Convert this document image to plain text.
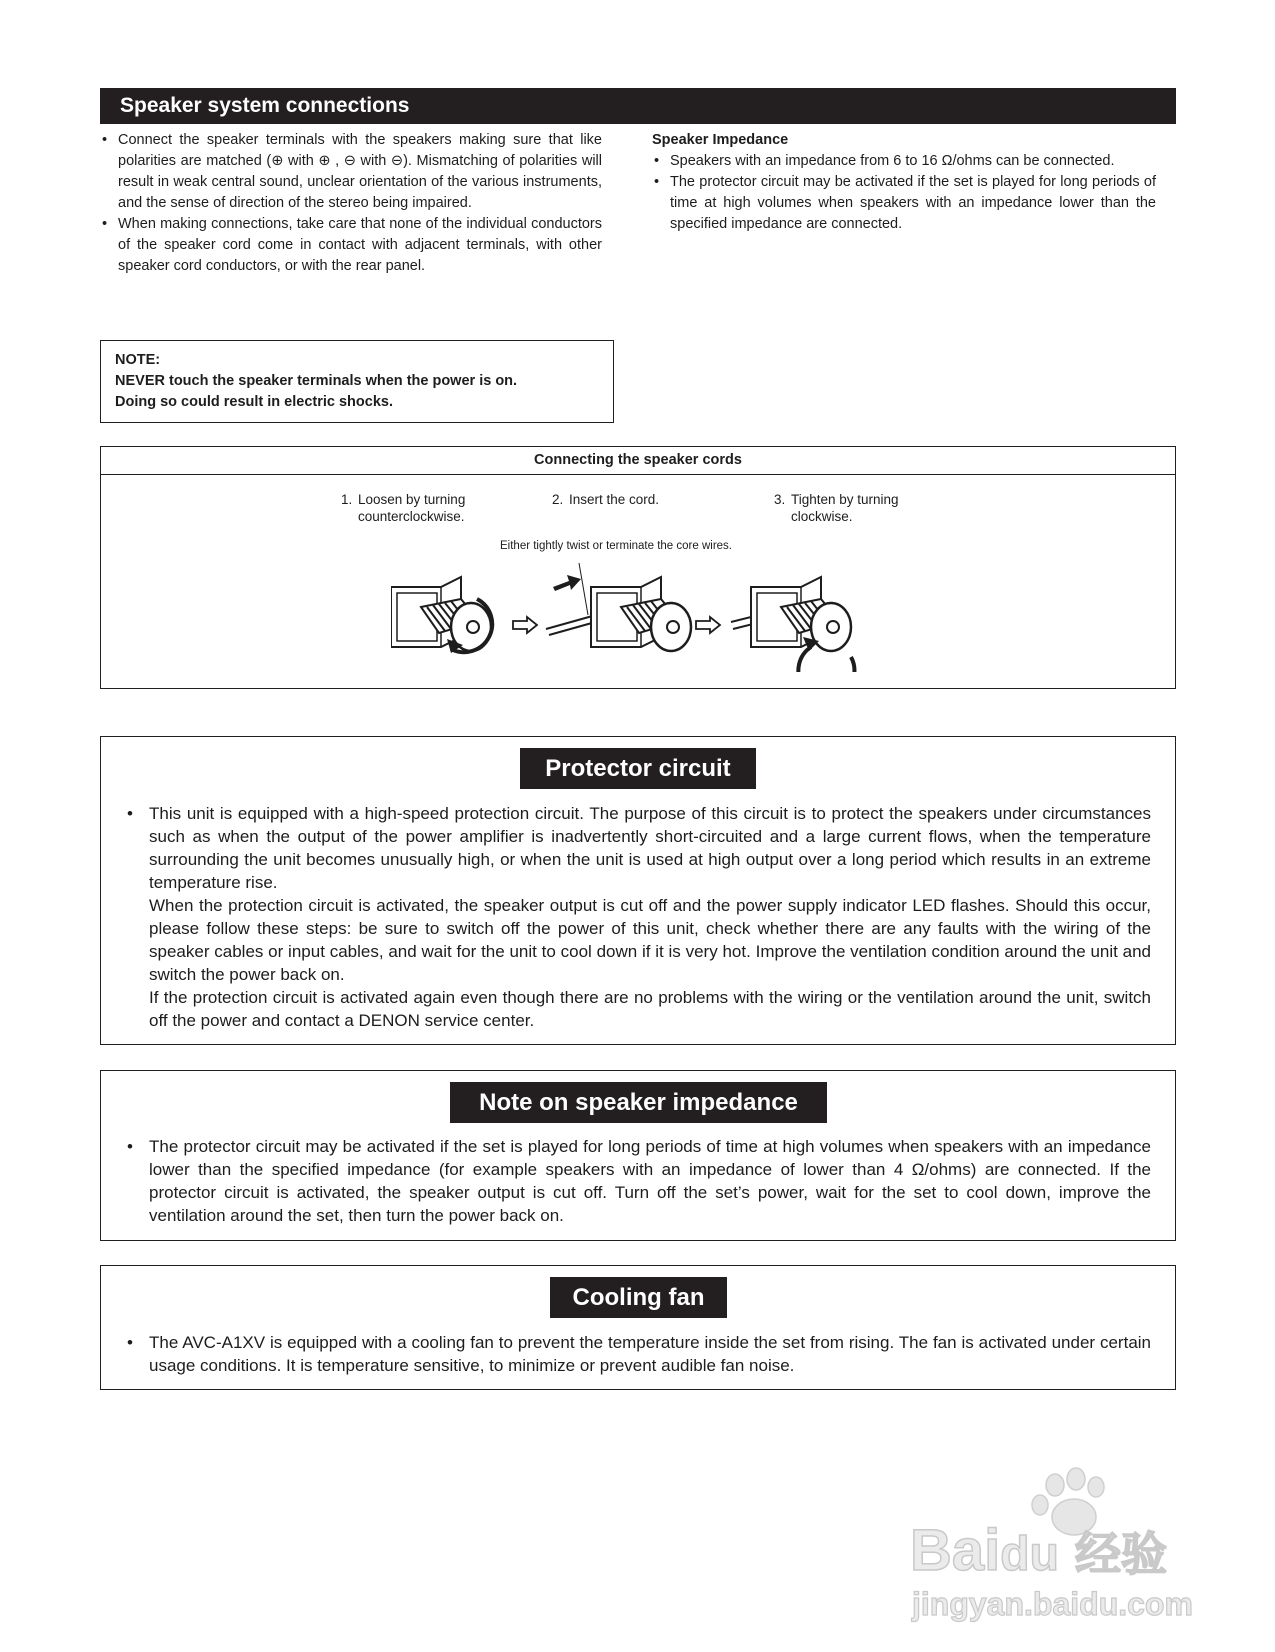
Speaker system connections
• Connect the speaker terminals with the speakers making sure that like polarities are matched (⊕ with ⊕ , ⊖ with ⊖). Mismatching of polarities will result in weak central sound, unclear orientation of the various instruments, and the sense of direction of the stereo being impaired.
• When making connections, take care that none of the individual conductors of the speaker cord come in contact with adjacent terminals, with other speaker cord conductors, or with the rear panel.

Speaker Impedance

• Speakers with an impedance from 6 to 16 Ω/ohms can be connected.
• The protector circuit may be activated if the set is played for long periods of time at high volumes when speakers with an impedance lower than the specified impedance are connected.
NOTE:
NEVER touch the speaker terminals when the power is on.
Doing so could result in electric shocks.
Connecting the speaker cords
1. Loosen by turning
counterclockwise.
2. Insert the cord.	3. Tighten by turning
clockwise.
Either tightly twist or terminate the core wires.
Protector circuit

• This unit is equipped with a high-speed protection circuit. The purpose of this circuit is to protect the speakers under circumstances such as when the output of the power amplifier is inadvertently short-circuited and a large current flows, when the temperature surrounding the unit becomes unusually high, or when the unit is used at high output over a long period which results in an extreme temperature rise.

When the protection circuit is activated, the speaker output is cut off and the power supply indicator LED flashes. Should this occur, please follow these steps: be sure to switch off the power of this unit, check whether there are any faults with the wiring of the speaker cables or input cables, and wait for the unit to cool down if it is very hot. Improve the ventilation condition around the unit and switch the power back on.

If the protection circuit is activated again even though there are no problems with the wiring or the ventilation around the unit, switch off the power and contact a DENON service center.

Note on speaker impedance
• The protector circuit may be activated if the set is played for long periods of time at high volumes when speakers with an impedance lower than the specified impedance (for example speakers with an impedance of lower than 4 Ω/ohms) are connected. If the protector circuit is activated, the speaker output is cut off. Turn off the set’s power, wait for the set to cool down, improve the ventilation around the set, then turn the power back on.
Cooling fan
• The AVC-A1XV is equipped with a cooling fan to prevent the temperature inside the set from rising. The fan is activated under certain usage conditions. It is temperature sensitive, to minimize or prevent audible fan noise.
Baidu 经验
jingyan.baidu.com
